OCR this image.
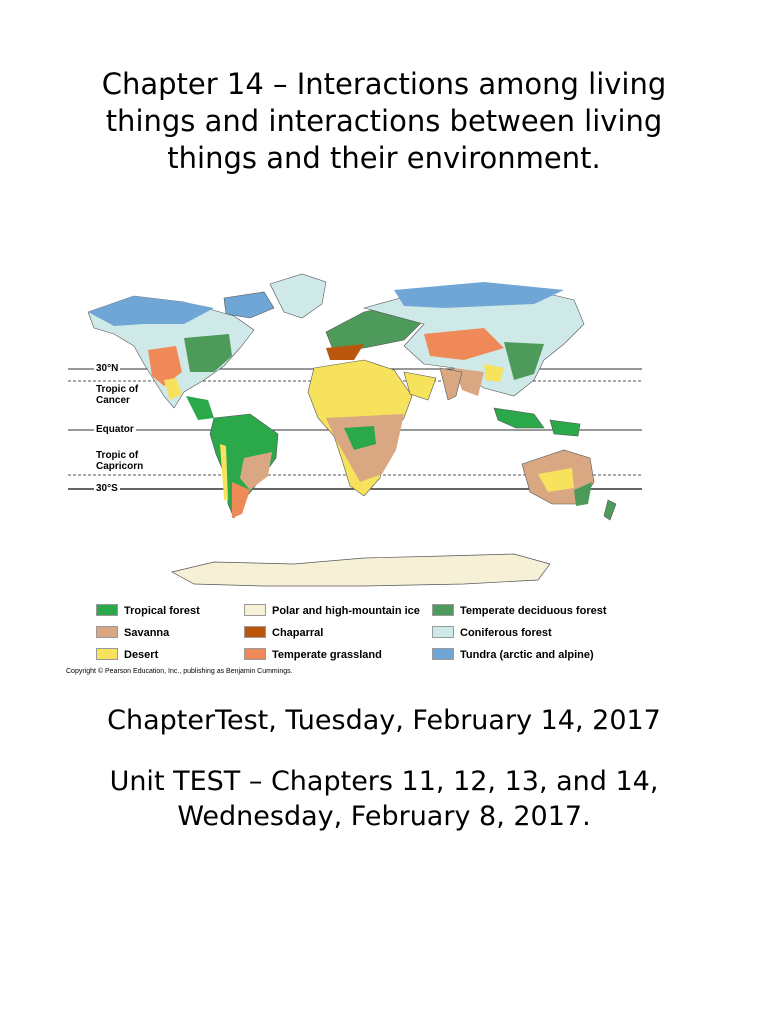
Chapter 14 – Interactions among living things and interactions between living things and their environment.
30°N
Tropic of
Cancer
Equator
Tropic of
Capricorn
30°S
Tropical forest
Savanna
Desert
Polar and high-mountain ice
Chaparral
Temperate grassland
Temperate deciduous forest
Coniferous forest
Tundra (arctic and alpine)
Copyright © Pearson Education, Inc., publishing as Benjamin Cummings.
ChapterTest, Tuesday, February 14, 2017
Unit TEST – Chapters 11, 12, 13, and 14, Wednesday, February 8, 2017.
